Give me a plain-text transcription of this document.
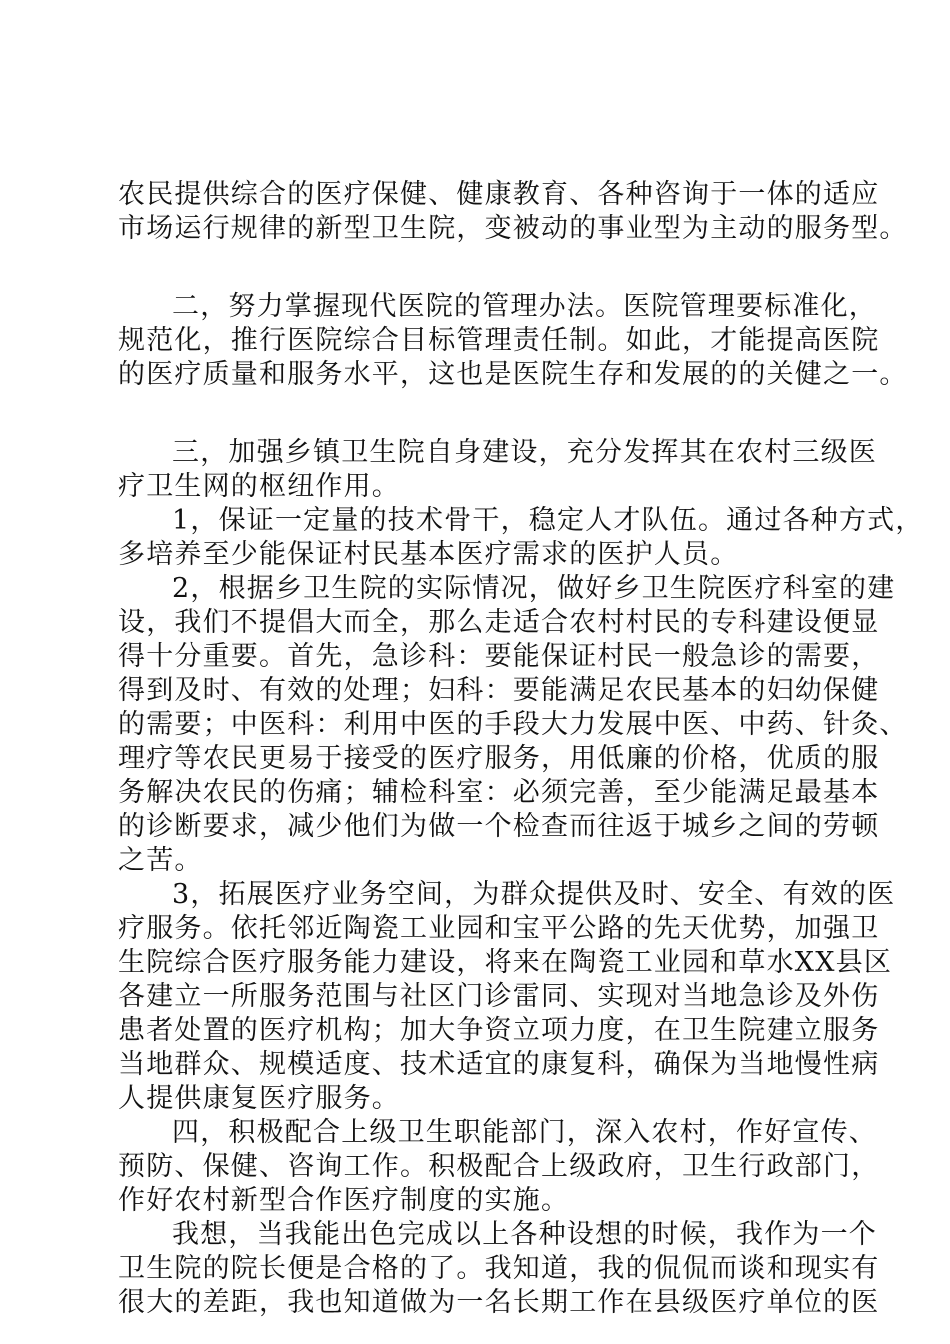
农民提供综合的医疗保健、健康教育、各种咨询于一体的适应
市场运行规律的新型卫生院，变被动的事业型为主动的服务型。
二，努力掌握现代医院的管理办法。医院管理要标准化，
规范化，推行医院综合目标管理责任制。如此，才能提高医院
的医疗质量和服务水平，这也是医院生存和发展的的关健之一。
三，加强乡镇卫生院自身建设，充分发挥其在农村三级医
疗卫生网的枢纽作用。
1，保证一定量的技术骨干，稳定人才队伍。通过各种方式，
多培养至少能保证村民基本医疗需求的医护人员。
2，根据乡卫生院的实际情况，做好乡卫生院医疗科室的建
设，我们不提倡大而全，那么走适合农村村民的专科建设便显
得十分重要。首先，急诊科：要能保证村民一般急诊的需要，
得到及时、有效的处理；妇科：要能满足农民基本的妇幼保健
的需要；中医科：利用中医的手段大力发展中医、中药、针灸、
理疗等农民更易于接受的医疗服务，用低廉的价格，优质的服
务解决农民的伤痛；辅检科室：必须完善，至少能满足最基本
的诊断要求，减少他们为做一个检查而往返于城乡之间的劳顿
之苦。
3，拓展医疗业务空间，为群众提供及时、安全、有效的医
疗服务。依托邻近陶瓷工业园和宝平公路的先天优势，加强卫
生院综合医疗服务能力建设，将来在陶瓷工业园和草水XX县区
各建立一所服务范围与社区门诊雷同、实现对当地急诊及外伤
患者处置的医疗机构；加大争资立项力度，在卫生院建立服务
当地群众、规模适度、技术适宜的康复科，确保为当地慢性病
人提供康复医疗服务。
四，积极配合上级卫生职能部门，深入农村，作好宣传、
预防、保健、咨询工作。积极配合上级政府，卫生行政部门，
作好农村新型合作医疗制度的实施。
我想，当我能出色完成以上各种设想的时候，我作为一个
卫生院的院长便是合格的了。我知道，我的侃侃而谈和现实有
很大的差距，我也知道做为一名长期工作在县级医疗单位的医
